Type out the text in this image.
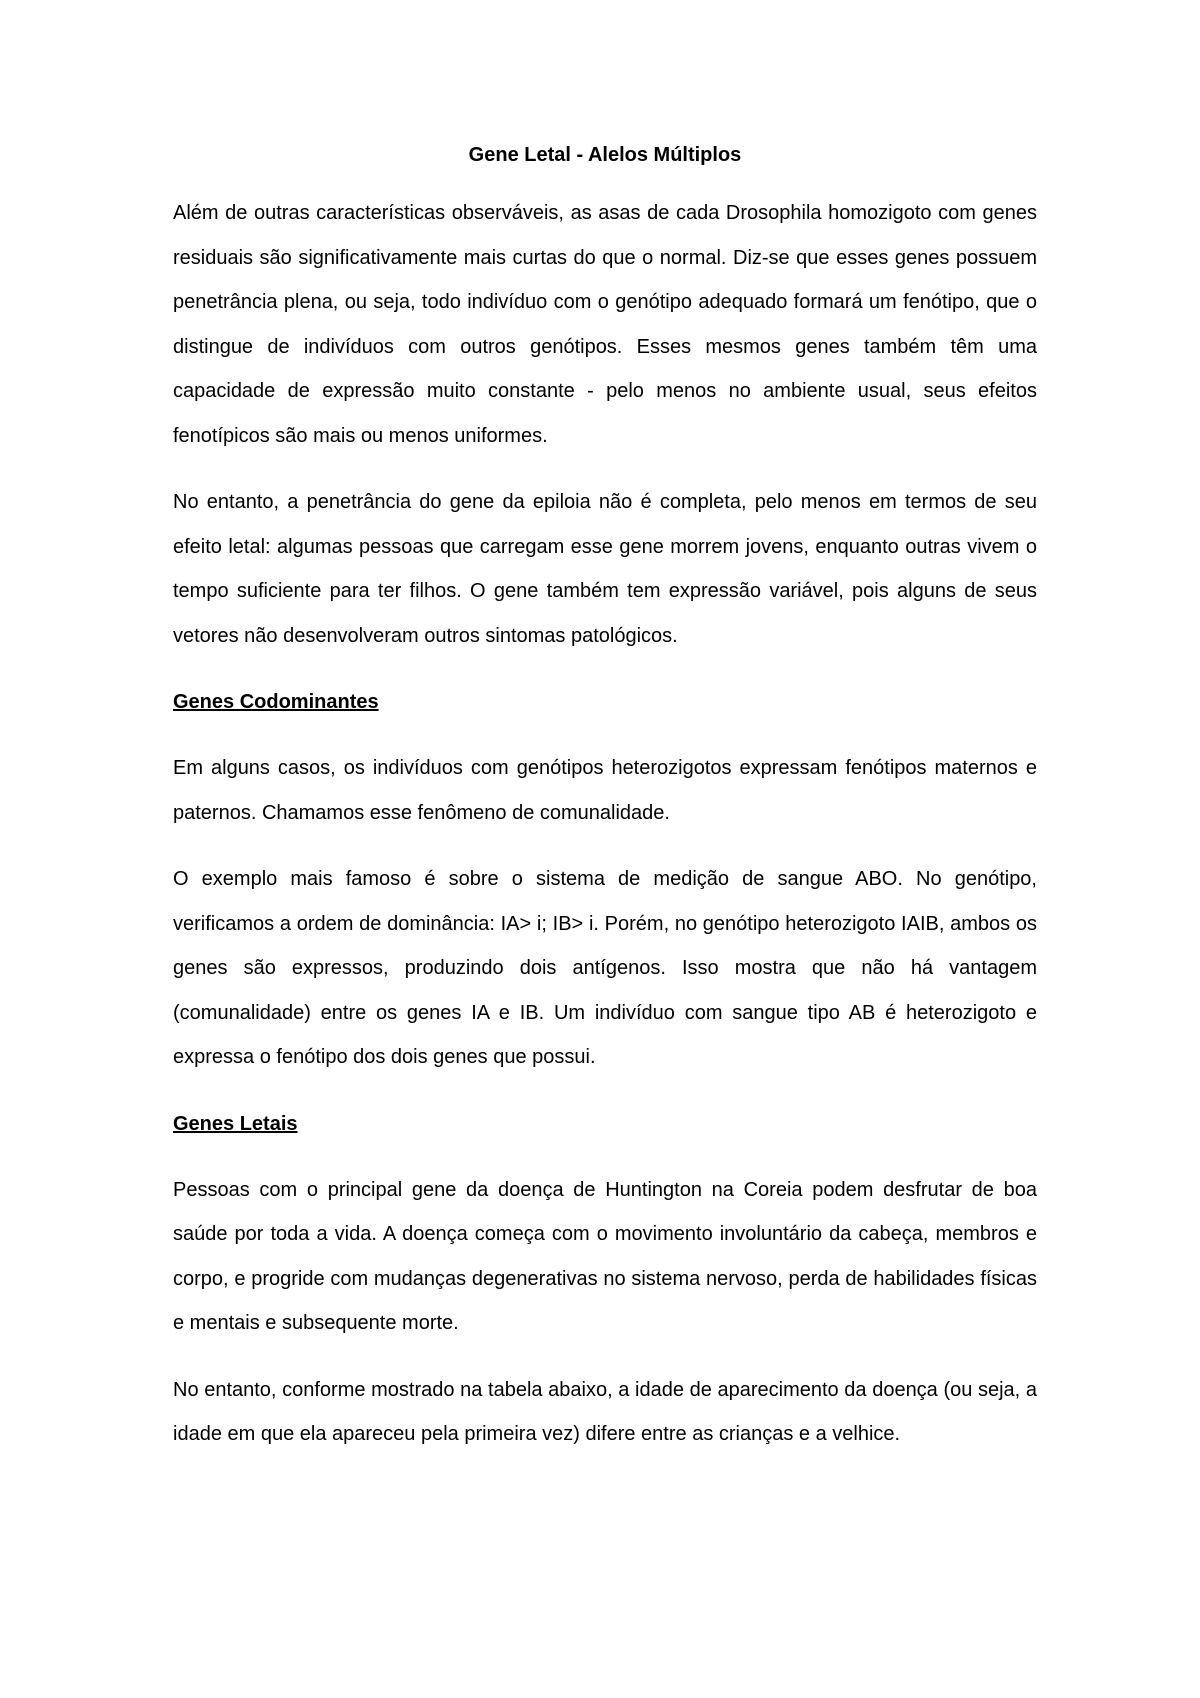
Gene Letal - Alelos Múltiplos

Além de outras características observáveis, as asas de cada Drosophila homozigoto com genes residuais são significativamente mais curtas do que o normal. Diz-se que esses genes possuem penetrância plena, ou seja, todo indivíduo com o genótipo adequado formará um fenótipo, que o distingue de indivíduos com outros genótipos. Esses mesmos genes também têm uma capacidade de expressão muito constante - pelo menos no ambiente usual, seus efeitos fenotípicos são mais ou menos uniformes.

No entanto, a penetrância do gene da epiloia não é completa, pelo menos em termos de seu efeito letal: algumas pessoas que carregam esse gene morrem jovens, enquanto outras vivem o tempo suficiente para ter filhos. O gene também tem expressão variável, pois alguns de seus vetores não desenvolveram outros sintomas patológicos.

Genes Codominantes

Em alguns casos, os indivíduos com genótipos heterozigotos expressam fenótipos maternos e paternos. Chamamos esse fenômeno de comunalidade.

O exemplo mais famoso é sobre o sistema de medição de sangue ABO. No genótipo, verificamos a ordem de dominância: IA> i; IB> i. Porém, no genótipo heterozigoto IAIB, ambos os genes são expressos, produzindo dois antígenos. Isso mostra que não há vantagem (comunalidade) entre os genes IA e IB. Um indivíduo com sangue tipo AB é heterozigoto e expressa o fenótipo dos dois genes que possui.

Genes Letais

Pessoas com o principal gene da doença de Huntington na Coreia podem desfrutar de boa saúde por toda a vida. A doença começa com o movimento involuntário da cabeça, membros e corpo, e progride com mudanças degenerativas no sistema nervoso, perda de habilidades físicas e mentais e subsequente morte.

No entanto, conforme mostrado na tabela abaixo, a idade de aparecimento da doença (ou seja, a idade em que ela apareceu pela primeira vez) difere entre as crianças e a velhice.
